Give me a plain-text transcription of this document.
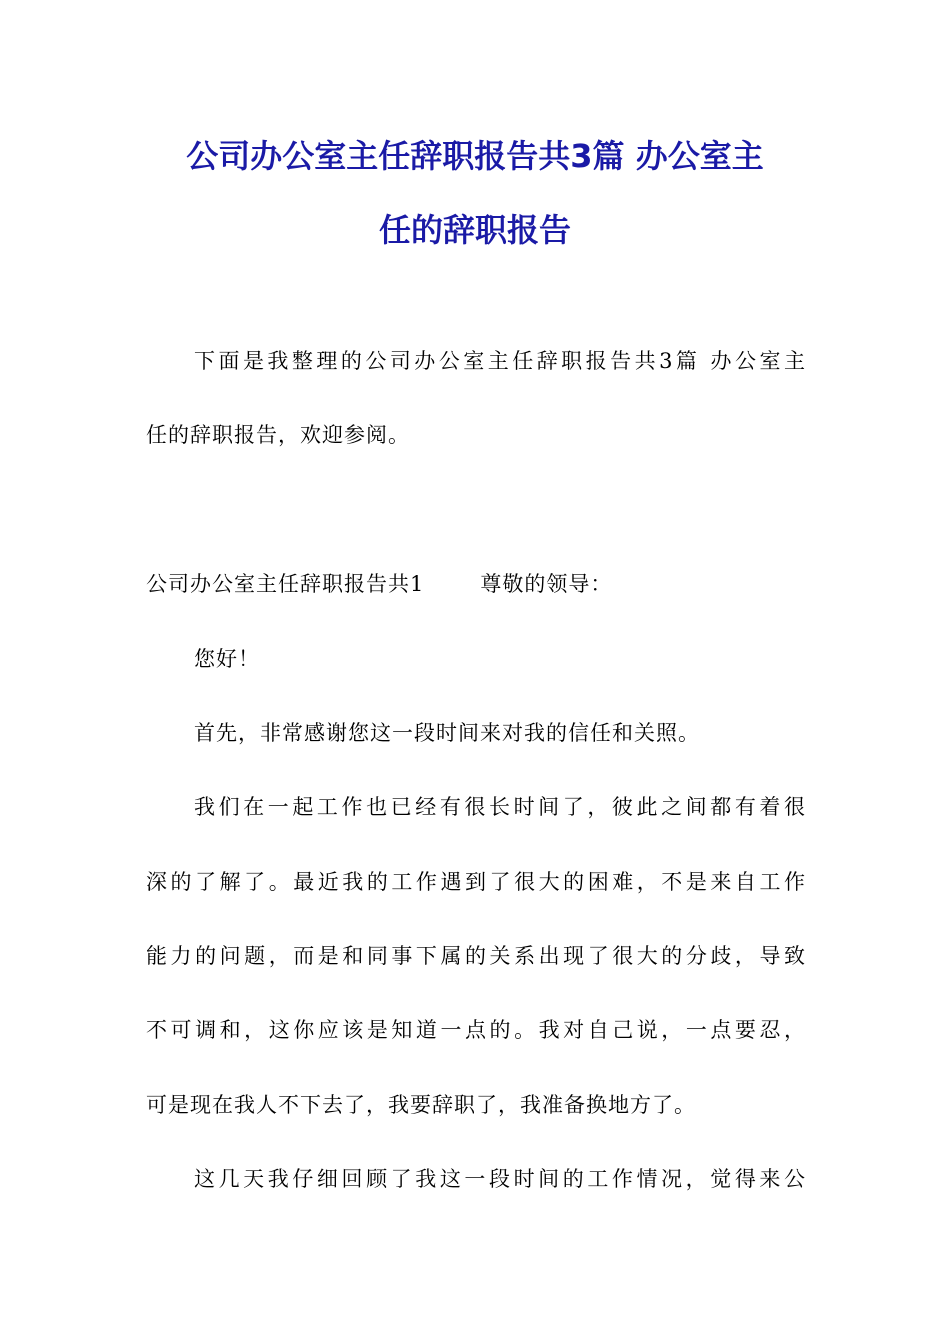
公司办公室主任辞职报告共3篇 办公室主
任的辞职报告

下面是我整理的公司办公室主任辞职报告共3篇 办公室主

任的辞职报告，欢迎参阅。

公司办公室主任辞职报告共1	尊敬的领导：

您好！

首先，非常感谢您这一段时间来对我的信任和关照。

我们在一起工作也已经有很长时间了，彼此之间都有着很

深的了解了。最近我的工作遇到了很大的困难，不是来自工作

能力的问题，而是和同事下属的关系出现了很大的分歧，导致

不可调和，这你应该是知道一点的。我对自己说，一点要忍，

可是现在我人不下去了，我要辞职了，我准备换地方了。

这几天我仔细回顾了我这一段时间的工作情况，觉得来公
